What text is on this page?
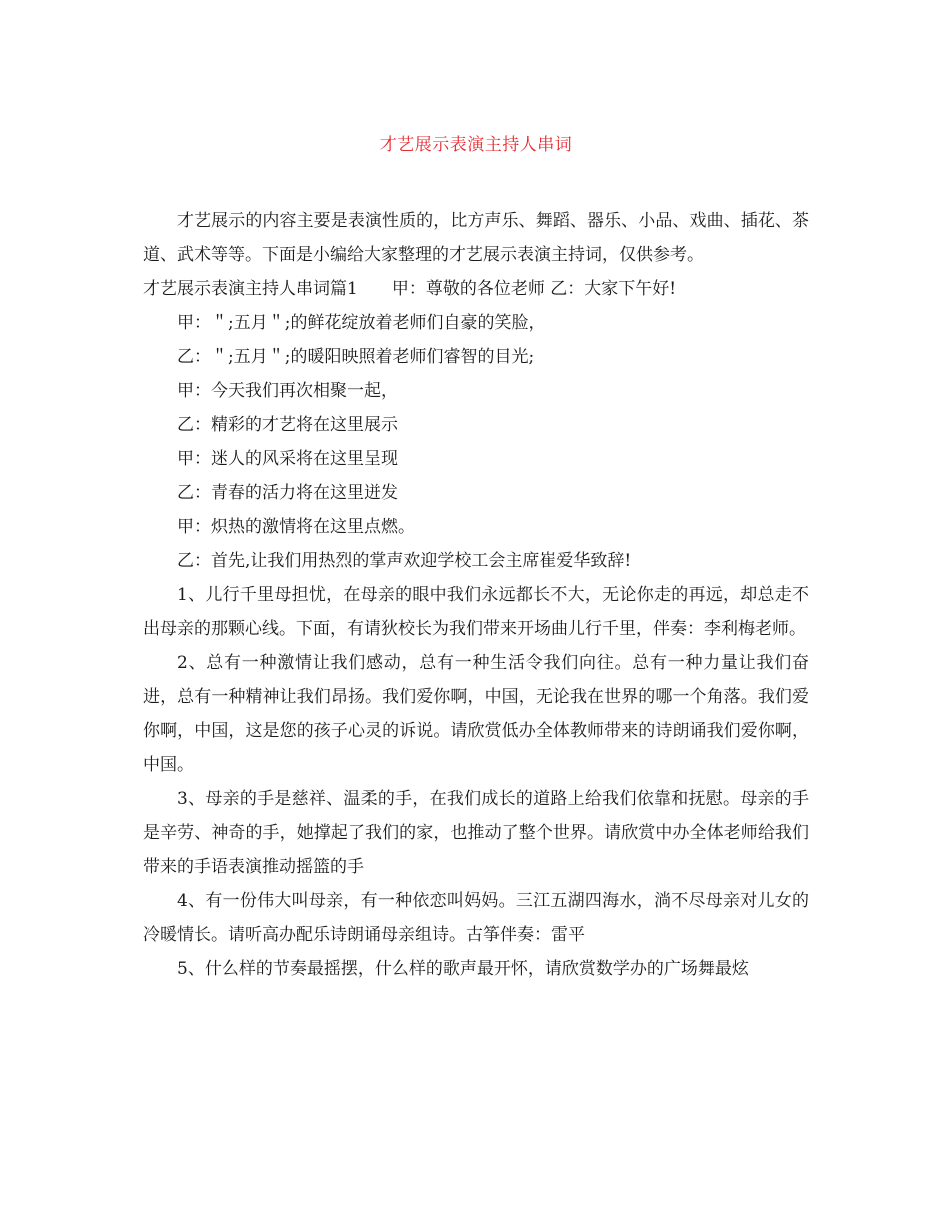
才艺展示表演主持人串词

才艺展示的内容主要是表演性质的，比方声乐、舞蹈、器乐、小品、戏曲、插花、茶道、武术等等。下面是小编给大家整理的才艺展示表演主持词，仅供参考。

才艺展示表演主持人串词篇1　　甲：尊敬的各位老师 乙：大家下午好!

甲：＂;五月＂;的鲜花绽放着老师们自豪的笑脸，

乙：＂;五月＂;的暖阳映照着老师们睿智的目光;

甲：今天我们再次相聚一起，

乙：精彩的才艺将在这里展示

甲：迷人的风采将在这里呈现

乙：青春的活力将在这里迸发

甲：炽热的激情将在这里点燃。

乙：首先,让我们用热烈的掌声欢迎学校工会主席崔爱华致辞!

1、儿行千里母担忧，在母亲的眼中我们永远都长不大，无论你走的再远，却总走不出母亲的那颗心线。下面，有请狄校长为我们带来开场曲儿行千里，伴奏：李利梅老师。

2、总有一种激情让我们感动，总有一种生活令我们向往。总有一种力量让我们奋进，总有一种精神让我们昂扬。我们爱你啊，中国，无论我在世界的哪一个角落。我们爱你啊，中国，这是您的孩子心灵的诉说。请欣赏低办全体教师带来的诗朗诵我们爱你啊，中国。

3、母亲的手是慈祥、温柔的手，在我们成长的道路上给我们依靠和抚慰。母亲的手是辛劳、神奇的手，她撑起了我们的家，也推动了整个世界。请欣赏中办全体老师给我们带来的手语表演推动摇篮的手

4、有一份伟大叫母亲，有一种依恋叫妈妈。三江五湖四海水，淌不尽母亲对儿女的冷暖情长。请听高办配乐诗朗诵母亲组诗。古筝伴奏：雷平

5、什么样的节奏最摇摆，什么样的歌声最开怀，请欣赏数学办的广场舞最炫
